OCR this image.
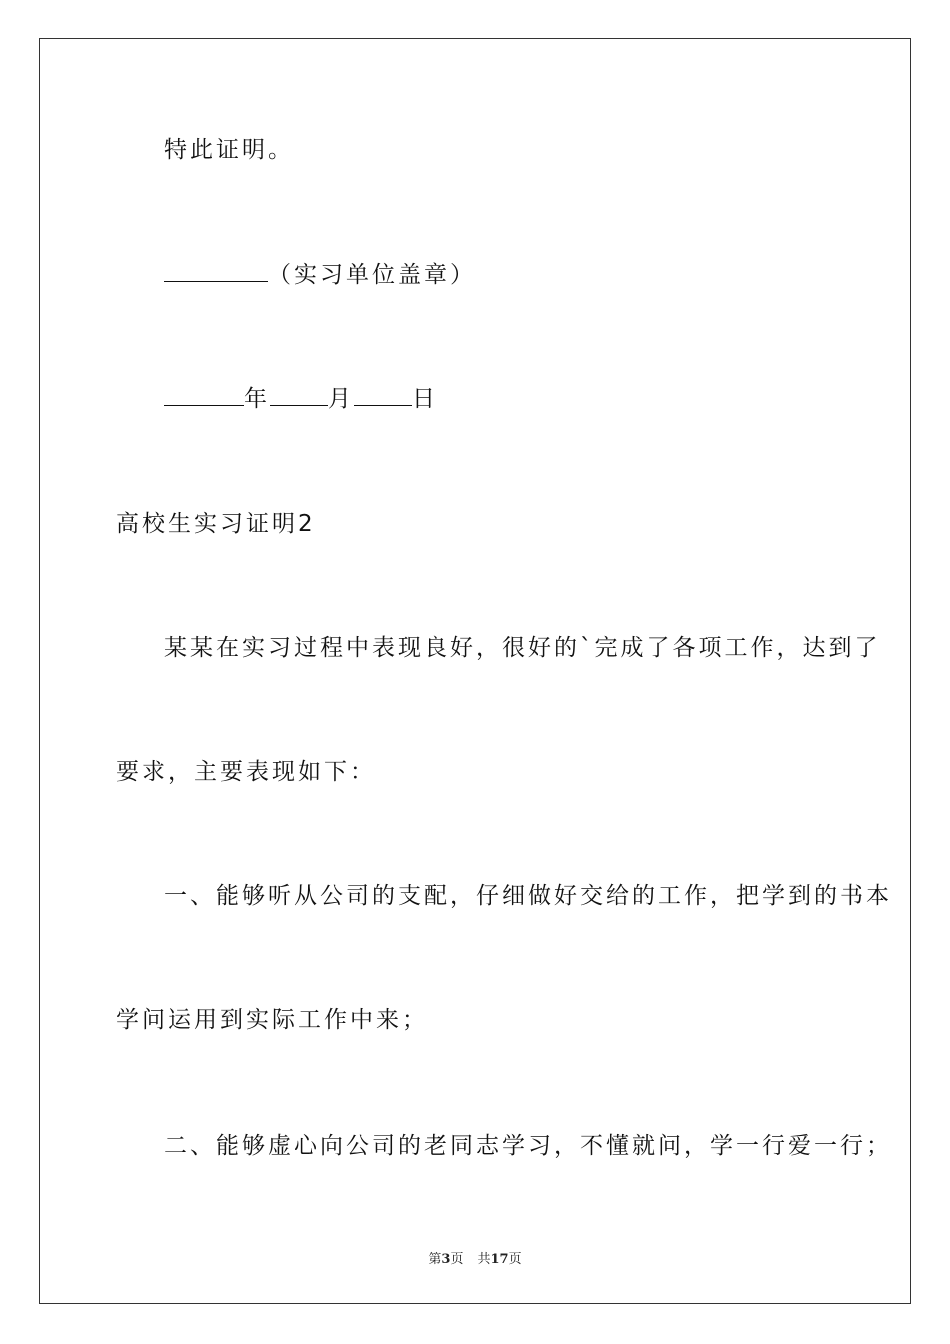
特此证明。
（实习单位盖章）
年	月	日
高校生实习证明2
某某在实习过程中表现良好，很好的`完成了各项工作，达到了
要求，主要表现如下：
一、能够听从公司的支配，仔细做好交给的工作，把学到的书本
学问运用到实际工作中来；
二、能够虚心向公司的老同志学习，不懂就问，学一行爱一行；
第3页 共17页
